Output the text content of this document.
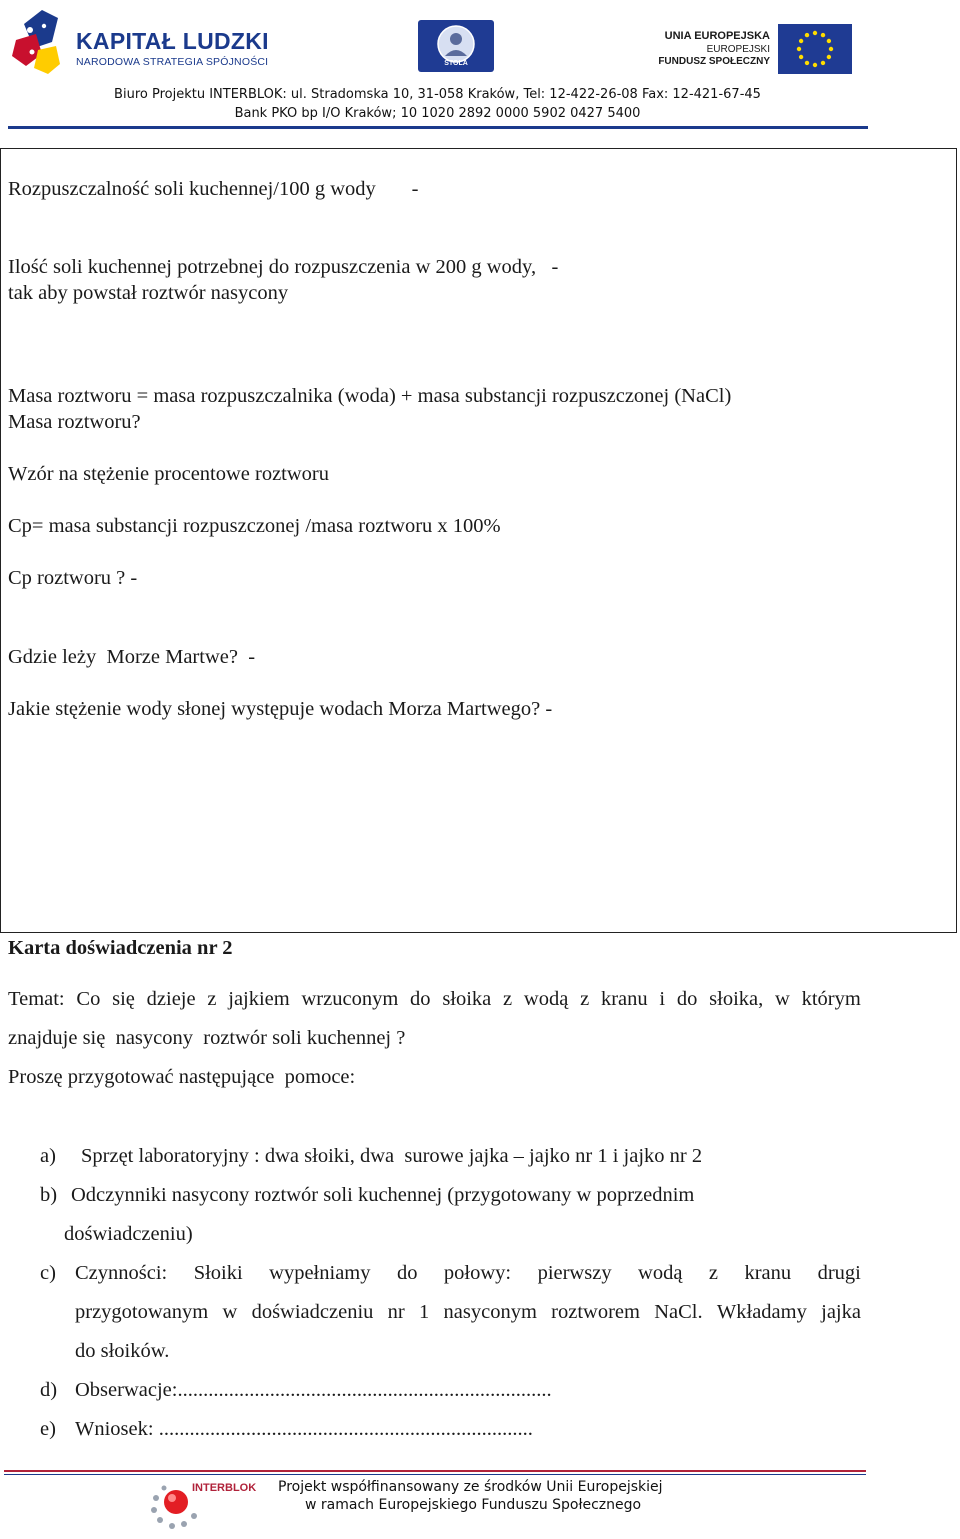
KAPITAŁ LUDZKI
NARODOWA STRATEGIA SPÓJNOŚCI	STOLA
UNIA EUROPEJSKA
EUROPEJSKI
FUNDUSZ SPOŁECZNY
Biuro Projektu INTERBLOK: ul. Stradomska 10, 31-058 Kraków, Tel: 12-422-26-08 Fax: 12-421-67-45
Bank PKO bp I/O Kraków; 10 1020 2892 0000 5902 0427 5400
Rozpuszczalność soli kuchennej/100 g wody       -
Ilość soli kuchennej potrzebnej do rozpuszczenia w 200 g wody,   -
tak aby powstał roztwór nasycony
Masa roztworu = masa rozpuszczalnika (woda) + masa substancji rozpuszczonej (NaCl)
Masa roztworu?
Wzór na stężenie procentowe roztworu
Cp= masa substancji rozpuszczonej /masa roztworu x 100%
Cp roztworu ? -
Gdzie leży  Morze Martwe?  -
Jakie stężenie wody słonej występuje wodach Morza Martwego? -
Karta doświadczenia nr 2
Temat: Co się dzieje z jajkiem wrzuconym do słoika z wodą z kranu i do słoika, w którym
znajduje się  nasycony  roztwór soli kuchennej ?
Proszę przygotować następujące  pomoce:
a) Sprzęt laboratoryjny : dwa słoiki, dwa  surowe jajka – jajko nr 1 i jajko nr 2
b) Odczynniki nasycony roztwór soli kuchennej (przygotowany w poprzednim
doświadczeniu)
c) Czynności: Słoiki wypełniamy do połowy: pierwszy wodą z kranu drugi
przygotowanym w doświadczeniu nr 1 nasyconym roztworem NaCl. Wkładamy jajka
do słoików.
d) Obserwacje:.........................................................................
e) Wniosek: .........................................................................
INTERBLOK Projekt współfinansowany ze środków Unii Europejskiej
w ramach Europejskiego Funduszu Społecznego
